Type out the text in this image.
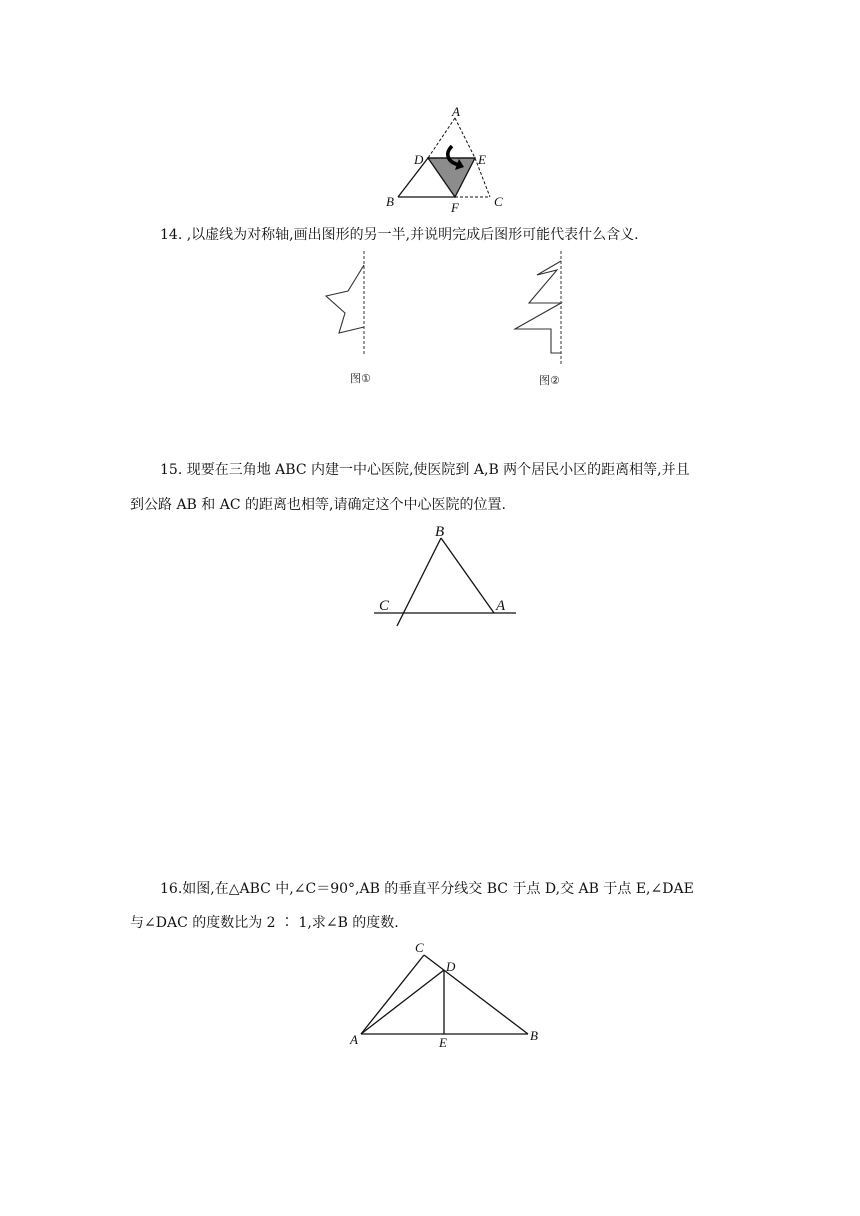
A
D	E
B	F	C
14. ,以虚线为对称轴,画出图形的另一半,并说明完成后图形可能代表什么含义.
图①	图②
15. 现要在三角地 ABC 内建一中心医院,使医院到 A,B 两个居民小区的距离相等,并且
到公路 AB 和 AC 的距离也相等,请确定这个中心医院的位置.
B
C	A
16.如图,在△ABC 中,∠C＝90°,AB 的垂直平分线交 BC 于点 D,交 AB 于点 E,∠DAE
与∠DAC 的度数比为 2 ∶ 1,求∠B 的度数.
C
D
A	E	B
